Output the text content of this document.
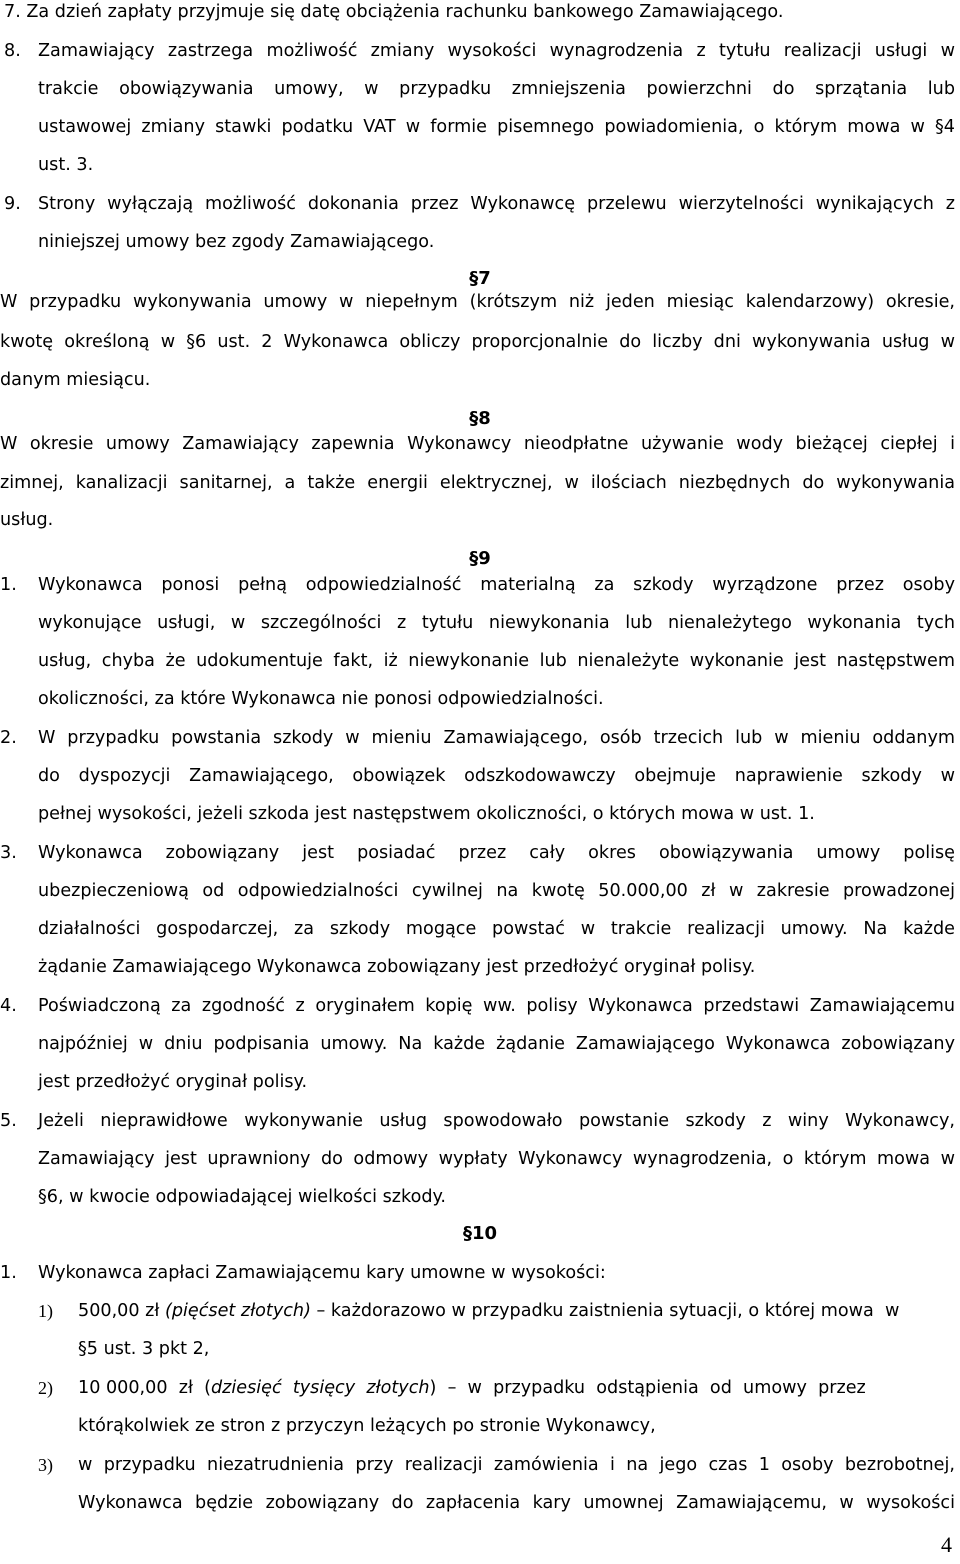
7. Za dzień zapłaty przyjmuje się datę obciążenia rachunku bankowego Zamawiającego.
8. Zamawiający zastrzega możliwość zmiany wysokości wynagrodzenia z tytułu realizacji usługi w
trakcie obowiązywania umowy, w przypadku zmniejszenia powierzchni do sprzątania lub
ustawowej zmiany stawki podatku VAT w formie pisemnego powiadomienia, o którym mowa w §4
ust. 3.
9. Strony wyłączają możliwość dokonania przez Wykonawcę przelewu wierzytelności wynikających z
niniejszej umowy bez zgody Zamawiającego.
§7
W przypadku wykonywania umowy w niepełnym (krótszym niż jeden miesiąc kalendarzowy) okresie,
kwotę określoną w §6 ust. 2 Wykonawca obliczy proporcjonalnie do liczby dni wykonywania usług w
danym miesiącu.
§8
W okresie umowy Zamawiający zapewnia Wykonawcy nieodpłatne używanie wody bieżącej ciepłej i
zimnej, kanalizacji sanitarnej, a także energii elektrycznej, w ilościach niezbędnych do wykonywania
usług.
§9
1. Wykonawca ponosi pełną odpowiedzialność materialną za szkody wyrządzone przez osoby
wykonujące usługi, w szczególności z tytułu niewykonania lub nienależytego wykonania tych
usług, chyba że udokumentuje fakt, iż niewykonanie lub nienależyte wykonanie jest następstwem
okoliczności, za które Wykonawca nie ponosi odpowiedzialności.
2. W przypadku powstania szkody w mieniu Zamawiającego, osób trzecich lub w mieniu oddanym
do dyspozycji Zamawiającego, obowiązek odszkodowawczy obejmuje naprawienie szkody w
pełnej wysokości, jeżeli szkoda jest następstwem okoliczności, o których mowa w ust. 1.
3. Wykonawca zobowiązany jest posiadać przez cały okres obowiązywania umowy polisę
ubezpieczeniową od odpowiedzialności cywilnej na kwotę 50.000,00 zł w zakresie prowadzonej
działalności gospodarczej, za szkody mogące powstać w trakcie realizacji umowy. Na każde
żądanie Zamawiającego Wykonawca zobowiązany jest przedłożyć oryginał polisy.
4. Poświadczoną za zgodność z oryginałem kopię ww. polisy Wykonawca przedstawi Zamawiającemu
najpóźniej w dniu podpisania umowy. Na każde żądanie Zamawiającego Wykonawca zobowiązany
jest przedłożyć oryginał polisy.
5. Jeżeli nieprawidłowe wykonywanie usług spowodowało powstanie szkody z winy Wykonawcy,
Zamawiający jest uprawniony do odmowy wypłaty Wykonawcy wynagrodzenia, o którym mowa w
§6, w kwocie odpowiadającej wielkości szkody.
§10
1. Wykonawca zapłaci Zamawiającemu kary umowne w wysokości:
1) 500,00 zł (pięćset złotych) – każdorazowo w przypadku zaistnienia sytuacji, o której mowa  w
§5 ust. 3 pkt 2,
2) 10 000,00  zł  (dziesięć  tysięcy  złotych)  –  w  przypadku  odstąpienia  od  umowy  przez
którąkolwiek ze stron z przyczyn leżących po stronie Wykonawcy,
3) w przypadku niezatrudnienia przy realizacji zamówienia i na jego czas 1 osoby bezrobotnej,
Wykonawca będzie zobowiązany do zapłacenia kary umownej Zamawiającemu, w wysokości
4
